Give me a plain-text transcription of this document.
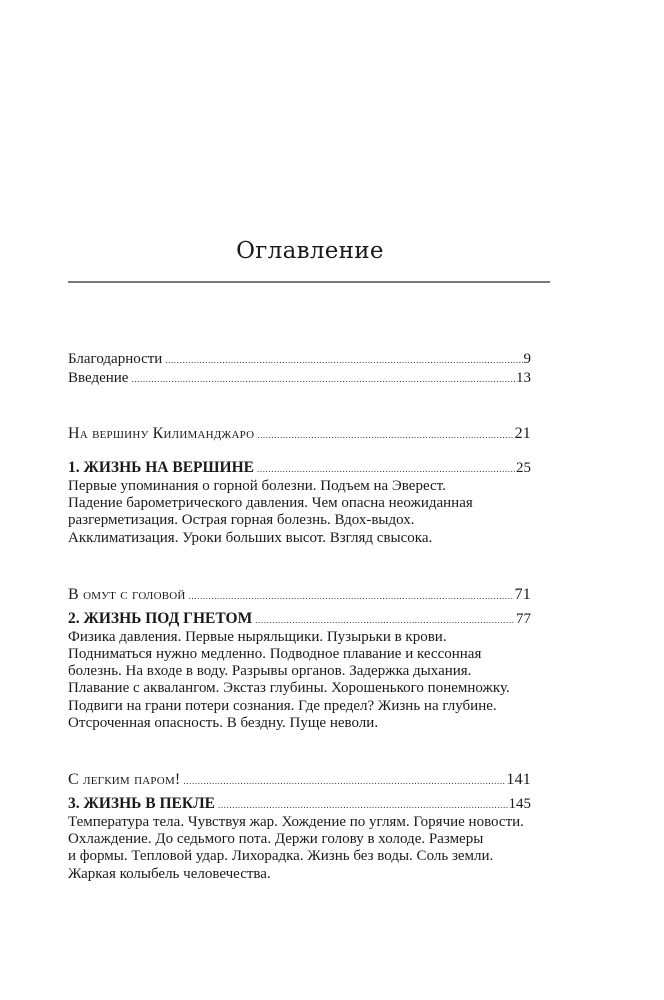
Оглавление
Благодарности .....	9
Введение .....	13
На вершину Килиманджаро .....	21
1. ЖИЗНЬ НА ВЕРШИНЕ .....	25
Первые упоминания о горной болезни. Подъем на Эверест.
Падение барометрического давления. Чем опасна неожиданная
разгерметизация. Острая горная болезнь. Вдох-выдох.
Акклиматизация. Уроки больших высот. Взгляд свысока.
В омут с головой .....	71
2. ЖИЗНЬ ПОД ГНЕТОМ .....	77
Физика давления. Первые ныряльщики. Пузырьки в крови.
Подниматься нужно медленно. Подводное плавание и кессонная
болезнь. На входе в воду. Разрывы органов. Задержка дыхания.
Плавание с аквалангом. Экстаз глубины. Хорошенького понемножку.
Подвиги на грани потери сознания. Где предел? Жизнь на глубине.
Отсроченная опасность. В бездну. Пуще неволи.
С легким паром! .....	141
3. ЖИЗНЬ В ПЕКЛЕ .....	145
Температура тела. Чувствуя жар. Хождение по углям. Горячие новости.
Охлаждение. До седьмого пота. Держи голову в холоде. Размеры
и формы. Тепловой удар. Лихорадка. Жизнь без воды. Соль земли.
Жаркая колыбель человечества.
